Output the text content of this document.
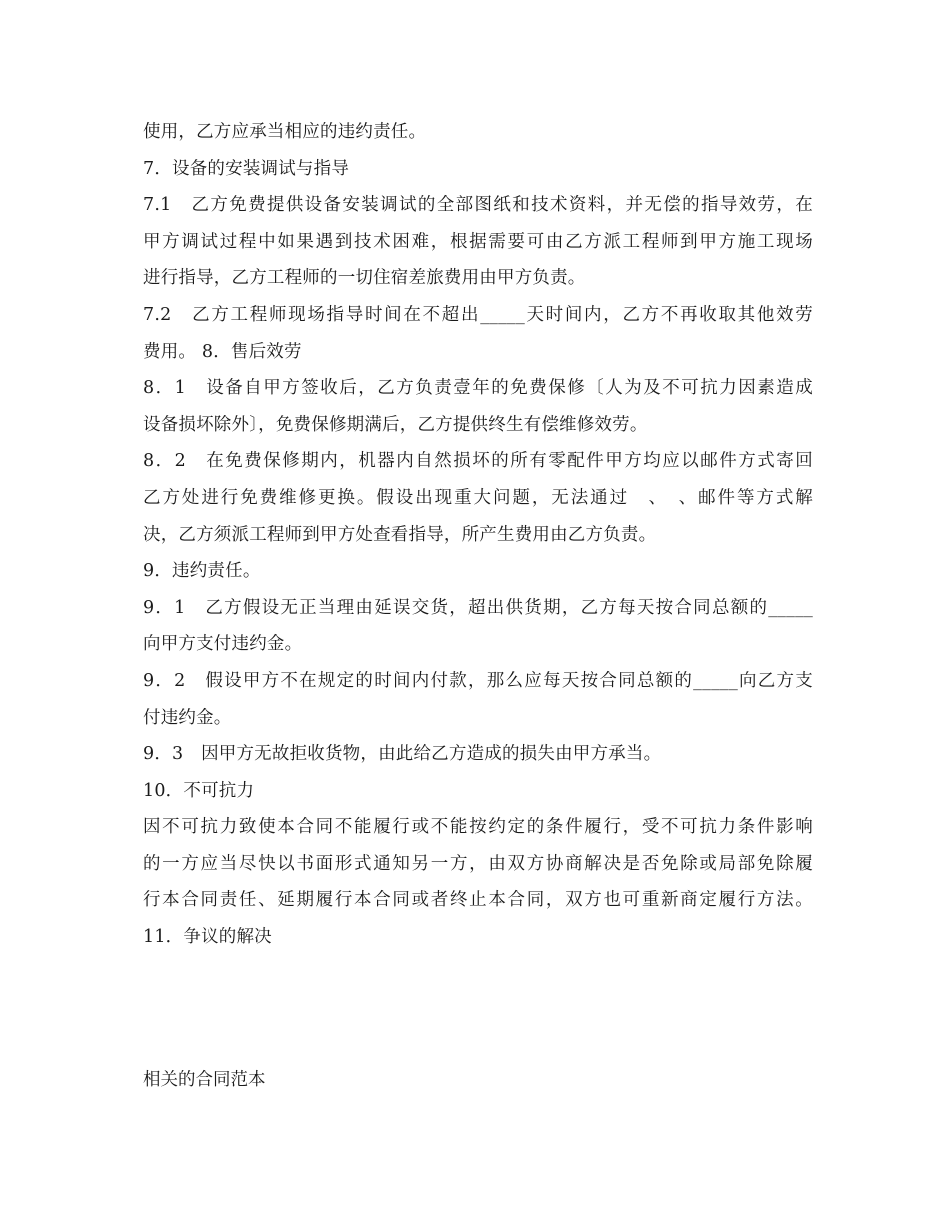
使用，乙方应承当相应的违约责任。
7．设备的安装调试与指导
7.1　乙方免费提供设备安装调试的全部图纸和技术资料，并无偿的指导效劳，在
甲方调试过程中如果遇到技术困难，根据需要可由乙方派工程师到甲方施工现场
进行指导，乙方工程师的一切住宿差旅费用由甲方负责。
7.2　乙方工程师现场指导时间在不超出_____天时间内，乙方不再收取其他效劳
费用。 8．售后效劳
8．1　设备自甲方签收后，乙方负责壹年的免费保修〔人为及不可抗力因素造成
设备损坏除外〕，免费保修期满后，乙方提供终生有偿维修效劳。
8．2　在免费保修期内，机器内自然损坏的所有零配件甲方均应以邮件方式寄回
乙方处进行免费维修更换。假设出现重大问题，无法通过　、　、邮件等方式解
决，乙方须派工程师到甲方处查看指导，所产生费用由乙方负责。
9．违约责任。
9．1　乙方假设无正当理由延误交货，超出供货期，乙方每天按合同总额的_____
向甲方支付违约金。
9．2　假设甲方不在规定的时间内付款，那么应每天按合同总额的_____向乙方支
付违约金。
9．3　因甲方无故拒收货物，由此给乙方造成的损失由甲方承当。
10．不可抗力
因不可抗力致使本合同不能履行或不能按约定的条件履行，受不可抗力条件影响
的一方应当尽快以书面形式通知另一方，由双方协商解决是否免除或局部免除履
行本合同责任、延期履行本合同或者终止本合同，双方也可重新商定履行方法。
11．争议的解决
相关的合同范本
